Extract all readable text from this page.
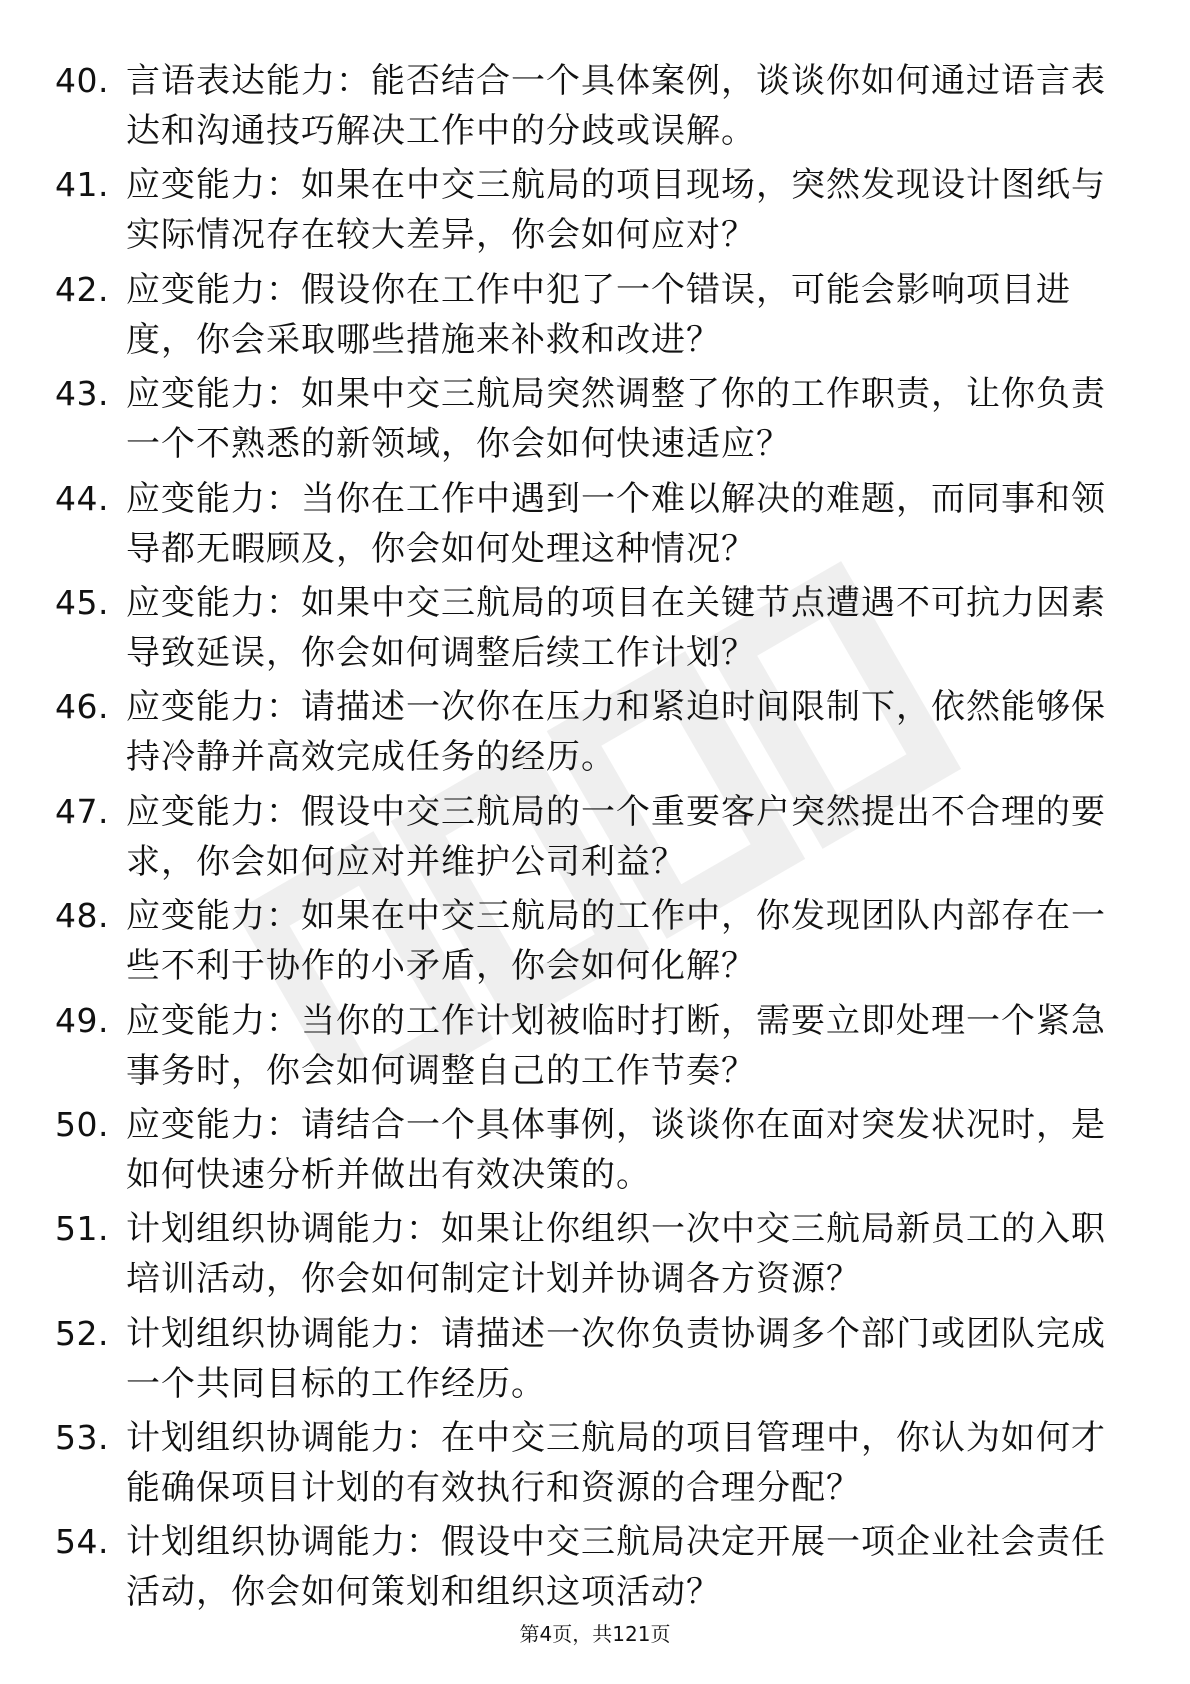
40. 言语表达能力：能否结合一个具体案例，谈谈你如何通过语言表达和沟通技巧解决工作中的分歧或误解。
41. 应变能力：如果在中交三航局的项目现场，突然发现设计图纸与实际情况存在较大差异，你会如何应对？
42. 应变能力：假设你在工作中犯了一个错误，可能会影响项目进度，你会采取哪些措施来补救和改进？
43. 应变能力：如果中交三航局突然调整了你的工作职责，让你负责一个不熟悉的新领域，你会如何快速适应？
44. 应变能力：当你在工作中遇到一个难以解决的难题，而同事和领导都无暇顾及，你会如何处理这种情况？
45. 应变能力：如果中交三航局的项目在关键节点遭遇不可抗力因素导致延误，你会如何调整后续工作计划？
46. 应变能力：请描述一次你在压力和紧迫时间限制下，依然能够保持冷静并高效完成任务的经历。
47. 应变能力：假设中交三航局的一个重要客户突然提出不合理的要求，你会如何应对并维护公司利益？
48. 应变能力：如果在中交三航局的工作中，你发现团队内部存在一些不利于协作的小矛盾，你会如何化解？
49. 应变能力：当你的工作计划被临时打断，需要立即处理一个紧急事务时，你会如何调整自己的工作节奏？
50. 应变能力：请结合一个具体事例，谈谈你在面对突发状况时，是如何快速分析并做出有效决策的。
51. 计划组织协调能力：如果让你组织一次中交三航局新员工的入职培训活动，你会如何制定计划并协调各方资源？
52. 计划组织协调能力：请描述一次你负责协调多个部门或团队完成一个共同目标的工作经历。
53. 计划组织协调能力：在中交三航局的项目管理中，你认为如何才能确保项目计划的有效执行和资源的合理分配？
54. 计划组织协调能力：假设中交三航局决定开展一项企业社会责任活动，你会如何策划和组织这项活动？
第4页，共121页
